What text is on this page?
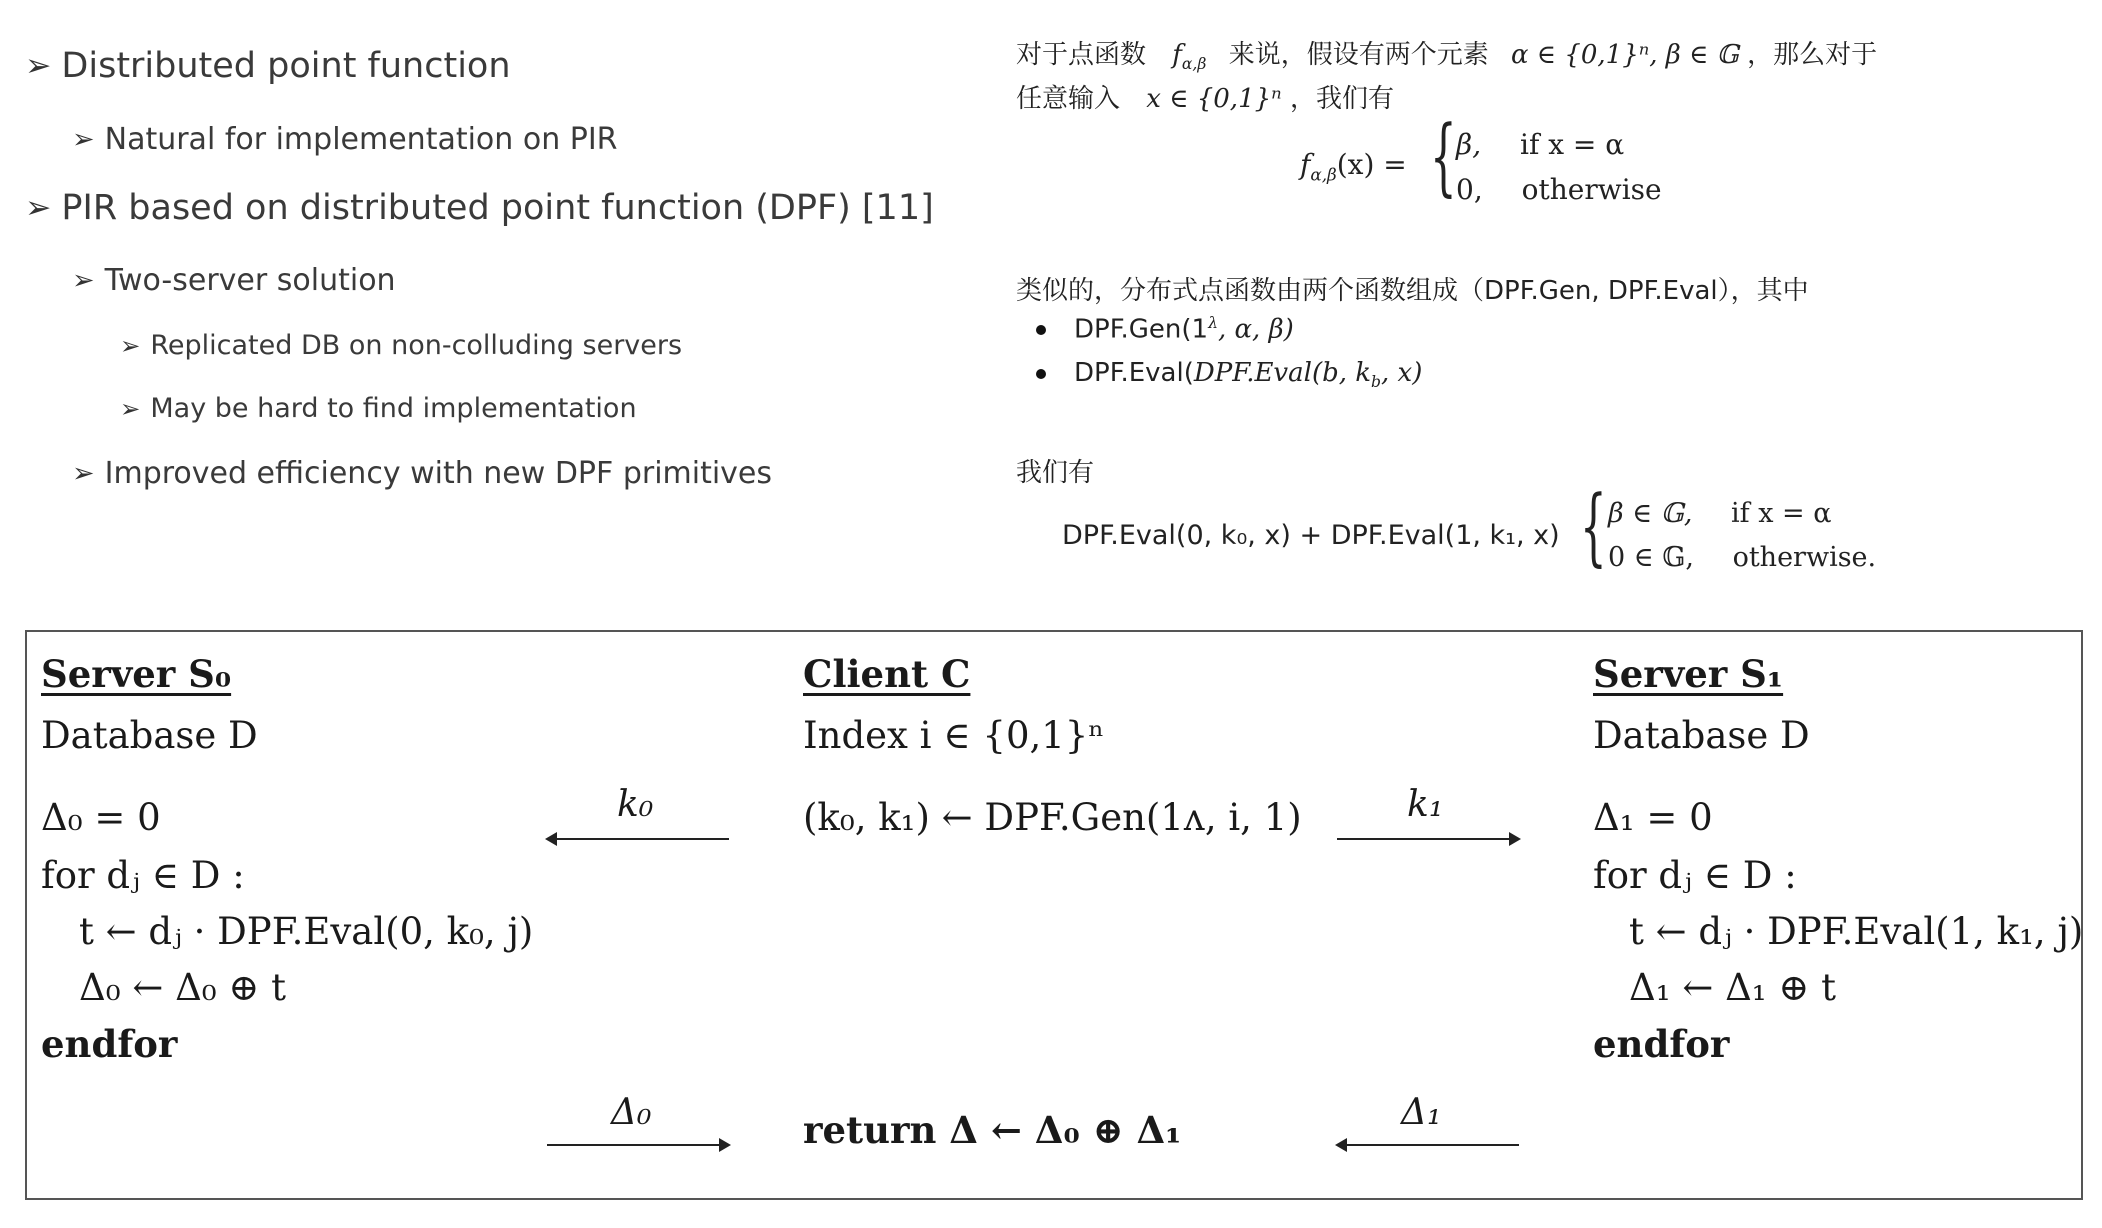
➢ Distributed point function
➢ Natural for implementation on PIR
➢ PIR based on distributed point function (DPF) [11]
➢ Two-server solution
➢ Replicated DB on non-colluding servers
➢ May be hard to find implementation
➢ Improved efficiency with new DPF primitives
对于点函数 $f_{\alpha,\beta}$ 来说，假设有两个元素 α ∈ {0,1}ⁿ, β ∈ 𝔾 ，那么对于
任意输入 x ∈ {0,1}ⁿ ，我们有
$f_{\alpha,\beta}(x)$ = { β, if x = α
0, otherwise
类似的，分布式点函数由两个函数组成（DPF.Gen, DPF.Eval），其中
$DPF.Gen(1^\lambda$, α, β)
DPF.Eval(DPF.Eval(b, $k_b$, x)
我们有
DPF.Eval(0, k₀, x) + DPF.Eval(1, k₁, x) { β ∈ 𝔾, if x = α
0 ∈ 𝔾, otherwise.
Server S₀
Database D
Δ₀ = 0
for dⱼ ∈ D :
t ← dⱼ · DPF.Eval(0, k₀, j)
Δ₀ ← Δ₀ ⊕ t
endfor
Client C
Index i ∈ {0,1}ⁿ
(k₀, k₁) ← DPF.Gen(1ᴧ, i, 1)
return Δ ← Δ₀ ⊕ Δ₁
Server S₁
Database D
Δ₁ = 0
for dⱼ ∈ D :
t ← dⱼ · DPF.Eval(1, k₁, j)
Δ₁ ← Δ₁ ⊕ t
endfor
k₀	k₁
Δ₀	Δ₁
